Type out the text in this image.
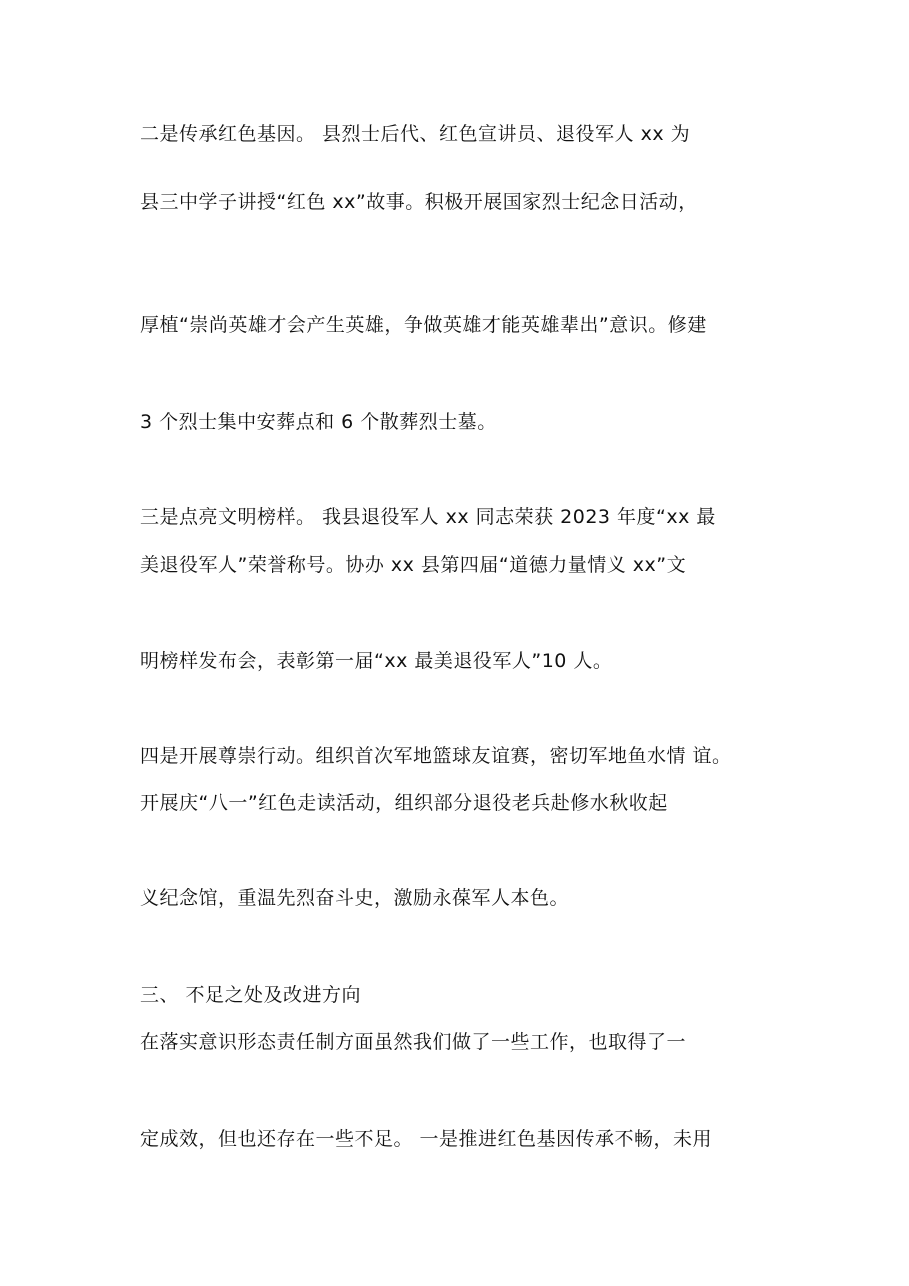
二是传承红色基因。 县烈士后代、红色宣讲员、退役军人 xx 为
县三中学子讲授“红色 xx”故事。积极开展国家烈士纪念日活动，
厚植“崇尚英雄才会产生英雄，争做英雄才能英雄辈出”意识。修建
3 个烈士集中安葬点和 6 个散葬烈士墓。
三是点亮文明榜样。 我县退役军人 xx 同志荣获 2023 年度“xx 最
美退役军人”荣誉称号。协办 xx 县第四届“道德力量情义 xx”文
明榜样发布会，表彰第一届“xx 最美退役军人”10 人。
四是开展尊崇行动。组织首次军地篮球友谊赛，密切军地鱼水情 谊。
开展庆“八一”红色走读活动，组织部分退役老兵赴修水秋收起
义纪念馆，重温先烈奋斗史，激励永葆军人本色。
三、 不足之处及改进方向
在落实意识形态责任制方面虽然我们做了一些工作，也取得了一
定成效，但也还存在一些不足。 一是推进红色基因传承不畅，未用
